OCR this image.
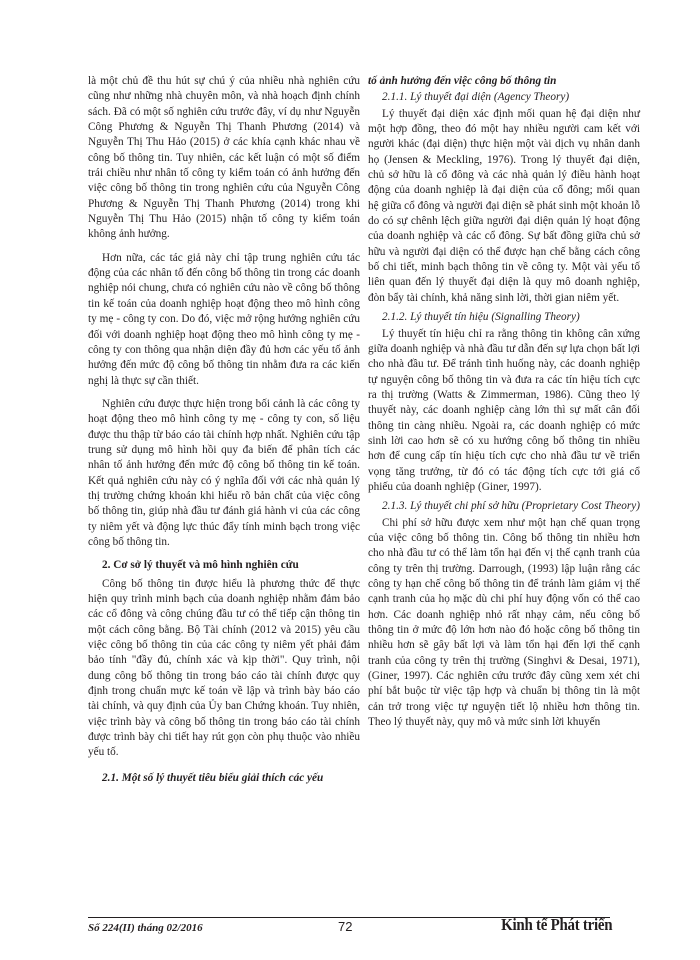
là một chủ đề thu hút sự chú ý của nhiều nhà nghiên cứu cũng như những nhà chuyên môn, và nhà hoạch định chính sách. Đã có một số nghiên cứu trước đây, ví dụ như Nguyễn Công Phương & Nguyễn Thị Thanh Phương (2014) và Nguyễn Thị Thu Hảo (2015) ở các khía cạnh khác nhau về công bố thông tin. Tuy nhiên, các kết luận có một số điểm trái chiều như nhân tố công ty kiểm toán có ảnh hưởng đến việc công bố thông tin trong nghiên cứu của Nguyễn Công Phương & Nguyễn Thị Thanh Phương (2014) trong khi Nguyễn Thị Thu Hảo (2015) nhận tố công ty kiểm toán không ảnh hưởng.

Hơn nữa, các tác giả này chỉ tập trung nghiên cứu tác động của các nhân tố đến công bố thông tin trong các doanh nghiệp nói chung, chưa có nghiên cứu nào về công bố thông tin kế toán của doanh nghiệp hoạt động theo mô hình công ty mẹ - công ty con. Do đó, việc mở rộng hướng nghiên cứu đối với doanh nghiệp hoạt động theo mô hình công ty mẹ - công ty con thông qua nhận diện đầy đủ hơn các yếu tố ảnh hưởng đến mức độ công bố thông tin nhằm đưa ra các kiến nghị là thực sự cần thiết.

Nghiên cứu được thực hiện trong bối cảnh là các công ty hoạt động theo mô hình công ty mẹ - công ty con, số liệu được thu thập từ báo cáo tài chính hợp nhất. Nghiên cứu tập trung sử dụng mô hình hồi quy đa biến để phân tích các nhân tố ảnh hưởng đến mức độ công bố thông tin kế toán. Kết quả nghiên cứu này có ý nghĩa đối với các nhà quản lý thị trường chứng khoán khi hiểu rõ bản chất của việc công bố thông tin, giúp nhà đầu tư đánh giá hành vi của các công ty niêm yết và động lực thúc đẩy tính minh bạch trong việc công bố thông tin.

2. Cơ sở lý thuyết và mô hình nghiên cứu

Công bố thông tin được hiểu là phương thức để thực hiện quy trình minh bạch của doanh nghiệp nhằm đảm bảo các cổ đông và công chúng đầu tư có thể tiếp cận thông tin một cách công bằng. Bộ Tài chính (2012 và 2015) yêu cầu việc công bố thông tin của các công ty niêm yết phải đảm bảo tính "đầy đủ, chính xác và kịp thời". Quy trình, nội dung công bố thông tin trong báo cáo tài chính được quy định trong chuẩn mực kế toán về lập và trình bày báo cáo tài chính, và quy định của Ủy ban Chứng khoán. Tuy nhiên, việc trình bày và công bố thông tin trong báo cáo tài chính được trình bày chi tiết hay rút gọn còn phụ thuộc vào nhiều yếu tố.

2.1. Một số lý thuyết tiêu biểu giải thích các yếu
tố ảnh hưởng đến việc công bố thông tin
2.1.1. Lý thuyết đại diện (Agency Theory)

Lý thuyết đại diện xác định mối quan hệ đại diện như một hợp đồng, theo đó một hay nhiều người cam kết với người khác (đại diện) thực hiện một vài dịch vụ nhân danh họ (Jensen & Meckling, 1976). Trong lý thuyết đại diện, chủ sở hữu là cổ đông và các nhà quản lý điều hành hoạt động của doanh nghiệp là đại diện của cổ đông; mối quan hệ giữa cổ đông và người đại diện sẽ phát sinh một khoản lỗ do có sự chênh lệch giữa người đại diện quản lý hoạt động của doanh nghiệp và các cổ đông. Sự bất đồng giữa chủ sở hữu và người đại diện có thể được hạn chế bằng cách công bố chi tiết, minh bạch thông tin về công ty. Một vài yếu tố liên quan đến lý thuyết đại diện là quy mô doanh nghiệp, đòn bẩy tài chính, khả năng sinh lời, thời gian niêm yết.

2.1.2. Lý thuyết tín hiệu (Signalling Theory)

Lý thuyết tín hiệu chỉ ra rằng thông tin không cân xứng giữa doanh nghiệp và nhà đầu tư dẫn đến sự lựa chọn bất lợi cho nhà đầu tư. Để tránh tình huống này, các doanh nghiệp tự nguyện công bố thông tin và đưa ra các tín hiệu tích cực ra thị trường (Watts & Zimmerman, 1986). Cũng theo lý thuyết này, các doanh nghiệp càng lớn thì sự mất cân đối thông tin càng nhiều. Ngoài ra, các doanh nghiệp có mức sinh lời cao hơn sẽ có xu hướng công bố thông tin nhiều hơn để cung cấp tín hiệu tích cực cho nhà đầu tư về triển vọng tăng trưởng, từ đó có tác động tích cực tới giá cổ phiếu của doanh nghiệp (Giner, 1997).

2.1.3. Lý thuyết chi phí sở hữu (Proprietary Cost Theory)

Chi phí sở hữu được xem như một hạn chế quan trọng của việc công bố thông tin. Công bố thông tin nhiều hơn cho nhà đầu tư có thể làm tổn hại đến vị thế cạnh tranh của công ty trên thị trường. Darrough, (1993) lập luận rằng các công ty hạn chế công bố thông tin để tránh làm giảm vị thế cạnh tranh của họ mặc dù chi phí huy động vốn có thể cao hơn. Các doanh nghiệp nhỏ rất nhạy cảm, nếu công bố thông tin ở mức độ lớn hơn nào đó hoặc công bố thông tin nhiều hơn sẽ gây bất lợi và làm tổn hại đến lợi thế cạnh tranh của công ty trên thị trường (Singhvi & Desai, 1971), (Giner, 1997). Các nghiên cứu trước đây cũng xem xét chi phí bắt buộc từ việc tập hợp và chuẩn bị thông tin là một cản trở trong việc tự nguyện tiết lộ nhiều hơn thông tin. Theo lý thuyết này, quy mô và mức sinh lời khuyến

Số 224(II) tháng 02/2016	72	Kinh tế Phát triển
